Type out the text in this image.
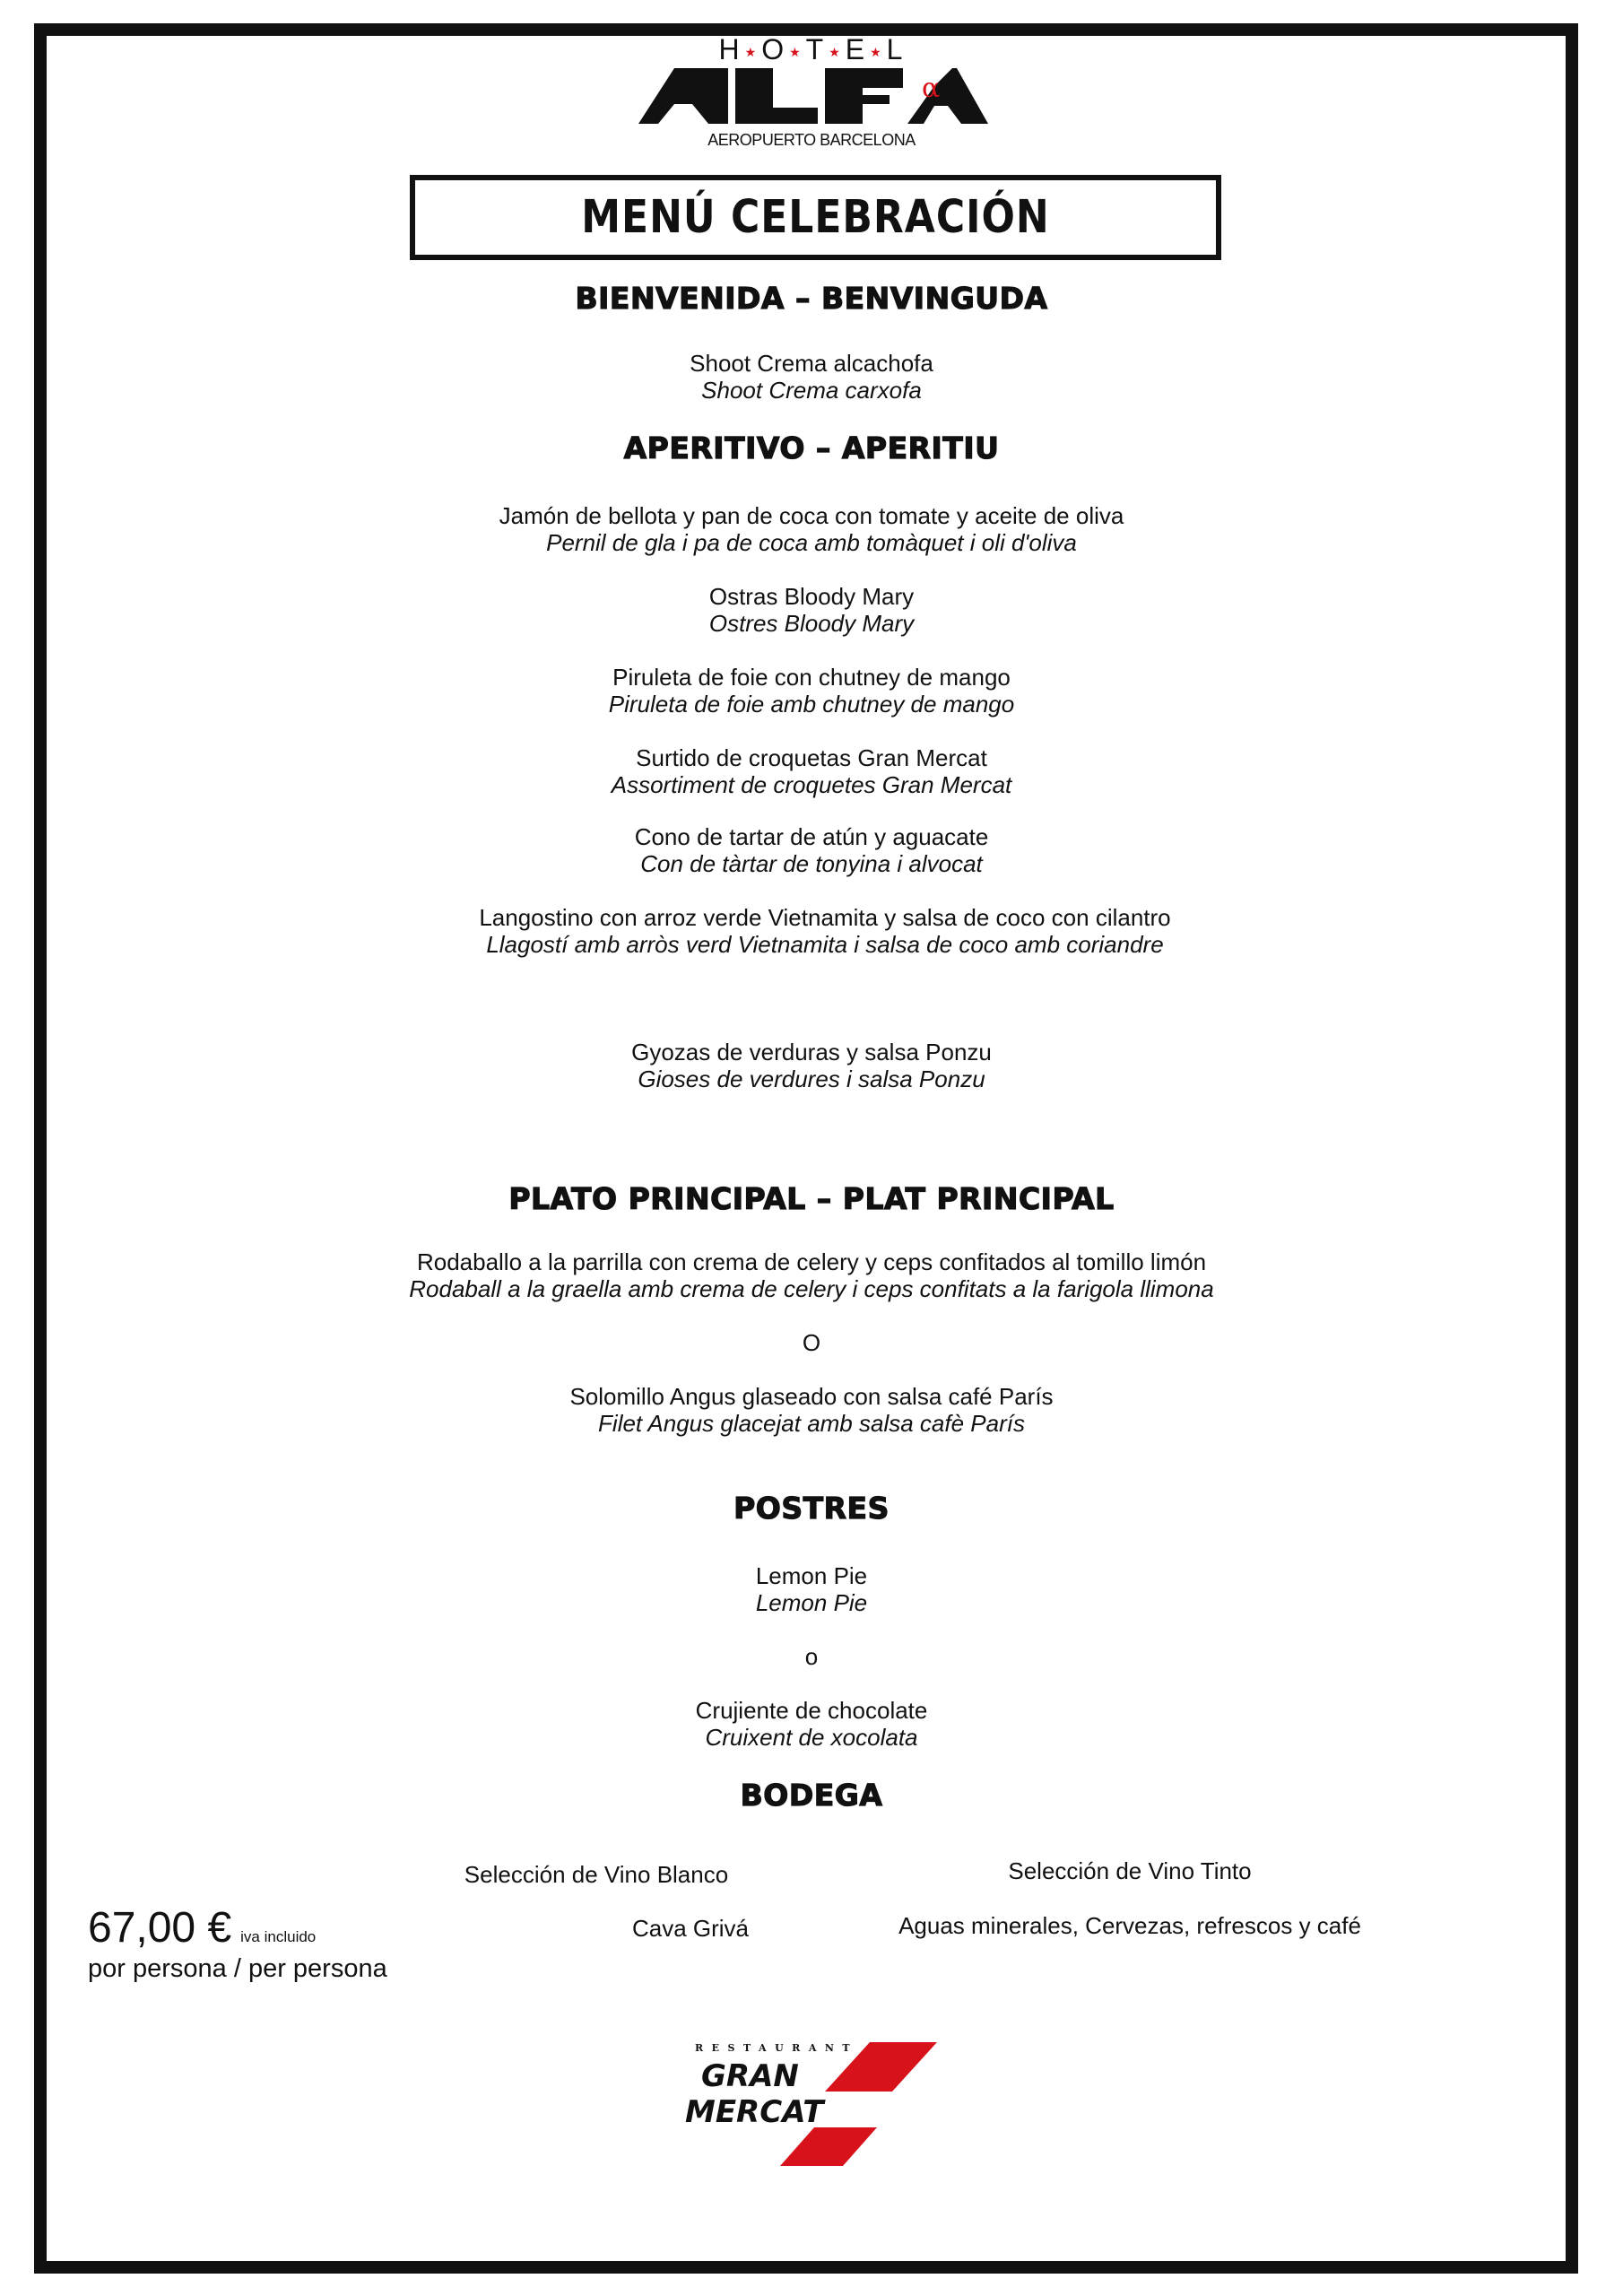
H ★ O ★ T ★ E ★ L
α
AEROPUERTO BARCELONA
MENÚ CELEBRACIÓN
BIENVENIDA – BENVINGUDA
Shoot Crema alcachofa
Shoot Crema carxofa
APERITIVO – APERITIU
Jamón de bellota y pan de coca con tomate y aceite de oliva
Pernil de gla i pa de coca amb tomàquet i oli d'oliva
Ostras Bloody Mary
Ostres Bloody Mary
Piruleta de foie con chutney de mango
Piruleta de foie amb chutney de mango
Surtido de croquetas Gran Mercat
Assortiment de croquetes Gran Mercat
Cono de tartar de atún y aguacate
Con de tàrtar de tonyina i alvocat
Langostino con arroz verde Vietnamita y salsa de coco con cilantro
Llagostí amb arròs verd Vietnamita i salsa de coco amb coriandre
Gyozas de verduras y salsa Ponzu
Gioses de verdures i salsa Ponzu
PLATO PRINCIPAL – PLAT PRINCIPAL
Rodaballo a la parrilla con crema de celery y ceps confitados al tomillo limón
Rodaball a la graella amb crema de celery i ceps confitats a la farigola llimona
O
Solomillo Angus glaseado con salsa café París
Filet Angus glacejat amb salsa cafè París
POSTRES
Lemon Pie
Lemon Pie
o
Crujiente de chocolate
Cruixent de xocolata
BODEGA
Selección de Vino Blanco	Selección de Vino Tinto
Cava Grivá	Aguas minerales, Cervezas, refrescos y café
67,00 € iva incluido
por persona / per persona
RESTAURANT
GRAN
MERCAT
